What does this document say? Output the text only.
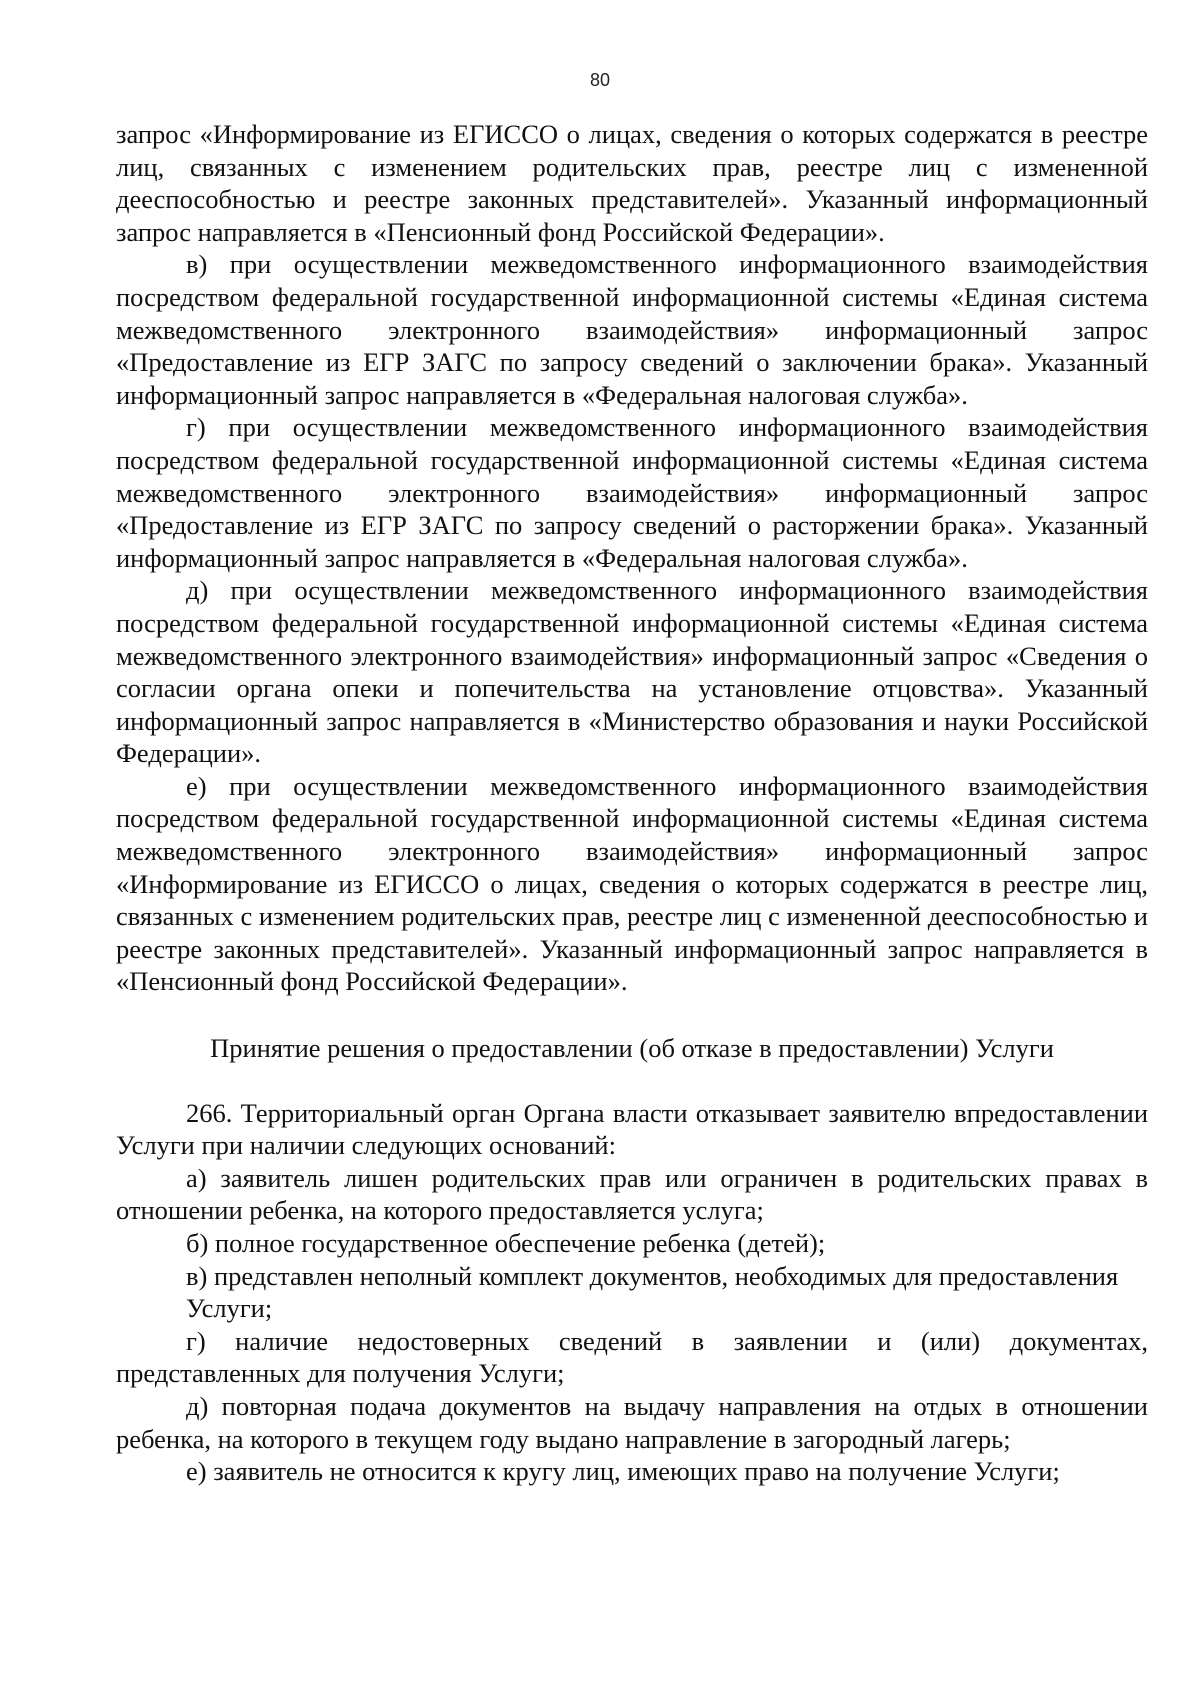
80

запрос «Информирование из ЕГИССО о лицах, сведения о которых содержатся в реестре лиц, связанных с изменением родительских прав, реестре лиц с измененной дееспособностью и реестре законных представителей». Указанный информационный запрос направляется в «Пенсионный фонд Российской Федерации».

в) при осуществлении межведомственного информационного взаимодействия посредством федеральной государственной информационной системы «Единая система межведомственного электронного взаимодействия» информационный запрос «Предоставление из ЕГР ЗАГС по запросу сведений о заключении брака». Указанный информационный запрос направляется в «Федеральная налоговая служба».

г) при осуществлении межведомственного информационного взаимодействия посредством федеральной государственной информационной системы «Единая система межведомственного электронного взаимодействия» информационный запрос «Предоставление из ЕГР ЗАГС по запросу сведений о расторжении брака». Указанный информационный запрос направляется в «Федеральная налоговая служба».

д) при осуществлении межведомственного информационного взаимодействия посредством федеральной государственной информационной системы «Единая система межведомственного электронного взаимодействия» информационный запрос «Сведения о согласии органа опеки и попечительства на установление отцовства». Указанный информационный запрос направляется в «Министерство образования и науки Российской Федерации».

е) при осуществлении межведомственного информационного взаимодействия посредством федеральной государственной информационной системы «Единая система межведомственного электронного взаимодействия» информационный запрос «Информирование из ЕГИССО о лицах, сведения о которых содержатся в реестре лиц, связанных с изменением родительских прав, реестре лиц с измененной дееспособностью и реестре законных представителей». Указанный информационный запрос направляется в «Пенсионный фонд Российской Федерации».

Принятие решения о предоставлении (об отказе в предоставлении) Услуги

266. Территориальный орган Органа власти отказывает заявителю впредоставлении Услуги при наличии следующих оснований:

а) заявитель лишен родительских прав или ограничен в родительских правах в отношении ребенка, на которого предоставляется услуга;

б) полное государственное обеспечение ребенка (детей);

в) представлен неполный комплект документов, необходимых для предоставления Услуги;

г) наличие недостоверных сведений в заявлении и (или) документах, представленных для получения Услуги;

д) повторная подача документов на выдачу направления на отдых в отношении ребенка, на которого в текущем году выдано направление в загородный лагерь;

е) заявитель не относится к кругу лиц, имеющих право на получение Услуги;
